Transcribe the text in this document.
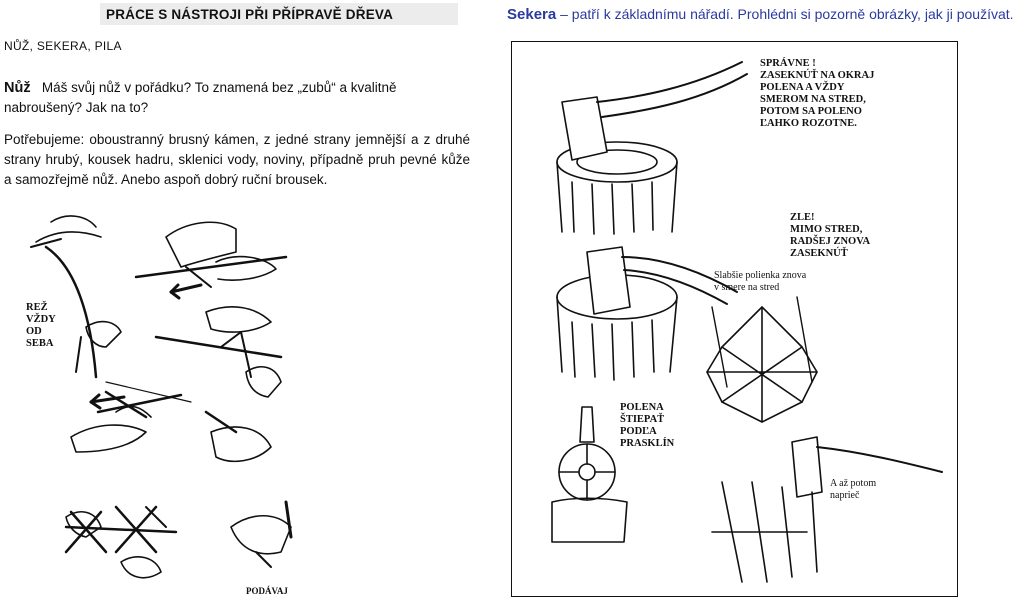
PRÁCE S NÁSTROJI PŘI PŘÍPRAVĚ DŘEVA
NŮŽ, SEKERA, PILA
Nůž Máš svůj nůž v pořádku? To znamená bez „zubů“ a kvalitně nabroušený? Jak na to?
Potřebujeme: oboustranný brusný kámen, z jedné strany jemnější a z druhé strany hrubý, kousek hadru, sklenici vody, noviny, případně pruh pevné kůže a samozřejmě nůž. Anebo aspoň dobrý ruční brousek.
Sekera – patří k základnímu nářadí. Prohlédni si pozorně obrázky, jak ji používat.
REŽ
VŽDY
OD
SEBA
PODÁVAJ
SPRÁVNE !
ZASEKNÚŤ NA OKRAJ
POLENA A VŽDY
SMEROM NA STRED,
POTOM SA POLENO
ĽAHKO ROZOTNE.
ZLE!
MIMO STRED,
RADŠEJ ZNOVA
ZASEKNÚŤ
Slabšie polienka znova
v smere na stred
POLENA
ŠTIEPAŤ
PODĽA
PRASKLÍN
A až potom
naprieč
